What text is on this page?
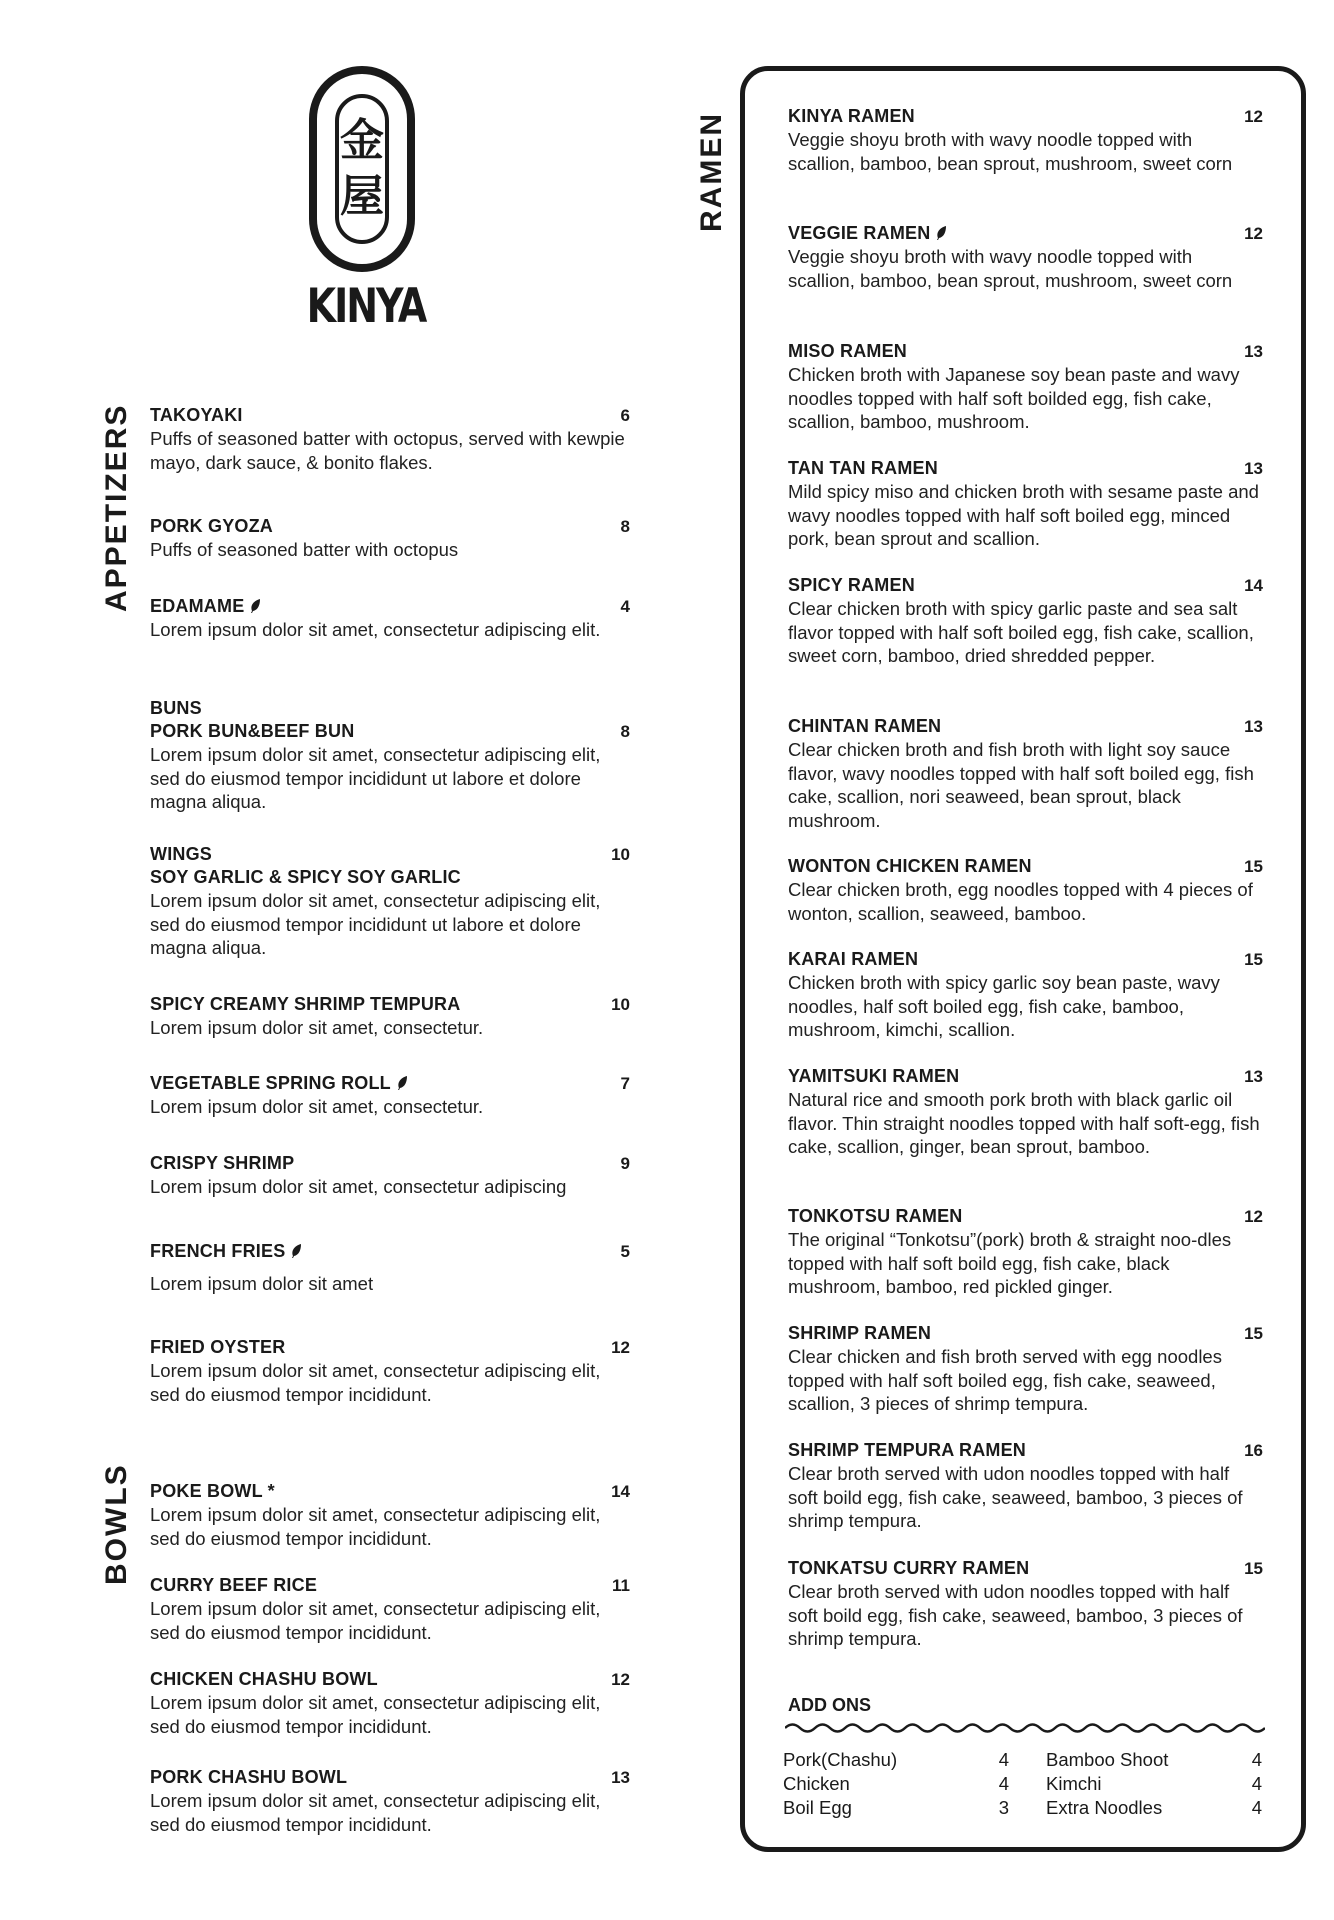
金
屋
KINYA
APPETIZERS
BOWLS
RAMEN
TAKOYAKI	6
Puffs of seasoned batter with octopus, served with kewpie mayo, dark sauce, & bonito flakes.
PORK GYOZA	8
Puffs of seasoned batter with octopus
EDAMAME	4
Lorem ipsum dolor sit amet, consectetur adipiscing elit.
BUNS
PORK BUN&BEEF BUN	8
Lorem ipsum dolor sit amet, consectetur adipiscing elit, sed do eiusmod tempor incididunt ut labore et dolore magna aliqua.
WINGS	10
SOY GARLIC & SPICY SOY GARLIC
Lorem ipsum dolor sit amet, consectetur adipiscing elit, sed do eiusmod tempor incididunt ut labore et dolore magna aliqua.
SPICY CREAMY SHRIMP TEMPURA	10
Lorem ipsum dolor sit amet, consectetur.
VEGETABLE SPRING ROLL	7
Lorem ipsum dolor sit amet, consectetur.
CRISPY SHRIMP	9
Lorem ipsum dolor sit amet, consectetur adipiscing
FRENCH FRIES	5
Lorem ipsum dolor sit amet
FRIED OYSTER	12
Lorem ipsum dolor sit amet, consectetur adipiscing elit, sed do eiusmod tempor incididunt.
POKE BOWL *	14
Lorem ipsum dolor sit amet, consectetur adipiscing elit, sed do eiusmod tempor incididunt.
CURRY BEEF RICE	11
Lorem ipsum dolor sit amet, consectetur adipiscing elit, sed do eiusmod tempor incididunt.
CHICKEN CHASHU BOWL	12
Lorem ipsum dolor sit amet, consectetur adipiscing elit, sed do eiusmod tempor incididunt.
PORK CHASHU BOWL	13
Lorem ipsum dolor sit amet, consectetur adipiscing elit, sed do eiusmod tempor incididunt.
KINYA RAMEN	12
Veggie shoyu broth with wavy noodle topped with scallion, bamboo, bean sprout, mushroom, sweet corn
VEGGIE RAMEN	12
Veggie shoyu broth with wavy noodle topped with scallion, bamboo, bean sprout, mushroom, sweet corn
MISO RAMEN	13
Chicken broth with Japanese soy bean paste and wavy noodles topped with half soft boilded egg, fish cake, scallion, bamboo, mushroom.
TAN TAN RAMEN	13
Mild spicy miso and chicken broth with sesame paste and wavy noodles topped with half soft boiled egg, minced pork, bean sprout and scallion.
SPICY RAMEN	14
Clear chicken broth with spicy garlic paste and sea salt flavor topped with half soft boiled egg, fish cake, scallion, sweet corn, bamboo, dried shredded pepper.
CHINTAN RAMEN	13
Clear chicken broth and fish broth with light soy sauce flavor, wavy noodles topped with half soft boiled egg, fish cake, scallion, nori seaweed, bean sprout, black mushroom.
WONTON CHICKEN RAMEN	15
Clear chicken broth, egg noodles topped with 4 pieces of wonton, scallion, seaweed, bamboo.
KARAI RAMEN	15
Chicken broth with spicy garlic soy bean paste, wavy noodles, half soft boiled egg, fish cake, bamboo, mushroom, kimchi, scallion.
YAMITSUKI RAMEN	13
Natural rice and smooth pork broth with black garlic oil flavor. Thin straight noodles topped with half soft-egg, fish cake, scallion, ginger, bean sprout, bamboo.
TONKOTSU RAMEN	12
The original “Tonkotsu”(pork) broth & straight noo-dles topped with half soft boild egg, fish cake, black mushroom, bamboo, red pickled ginger.
SHRIMP RAMEN	15
Clear chicken and fish broth served with egg noodles topped with half soft boiled egg, fish cake, seaweed, scallion, 3 pieces of shrimp tempura.
SHRIMP TEMPURA RAMEN	16
Clear broth served with udon noodles topped with half soft boild egg, fish cake, seaweed, bamboo, 3 pieces of shrimp tempura.
TONKATSU CURRY RAMEN	15
Clear broth served with udon noodles topped with half soft boild egg, fish cake, seaweed, bamboo, 3 pieces of shrimp tempura.
ADD ONS
Pork(Chashu)	4
Chicken	4
Boil Egg	3
Bamboo Shoot	4
Kimchi	4
Extra Noodles	4
